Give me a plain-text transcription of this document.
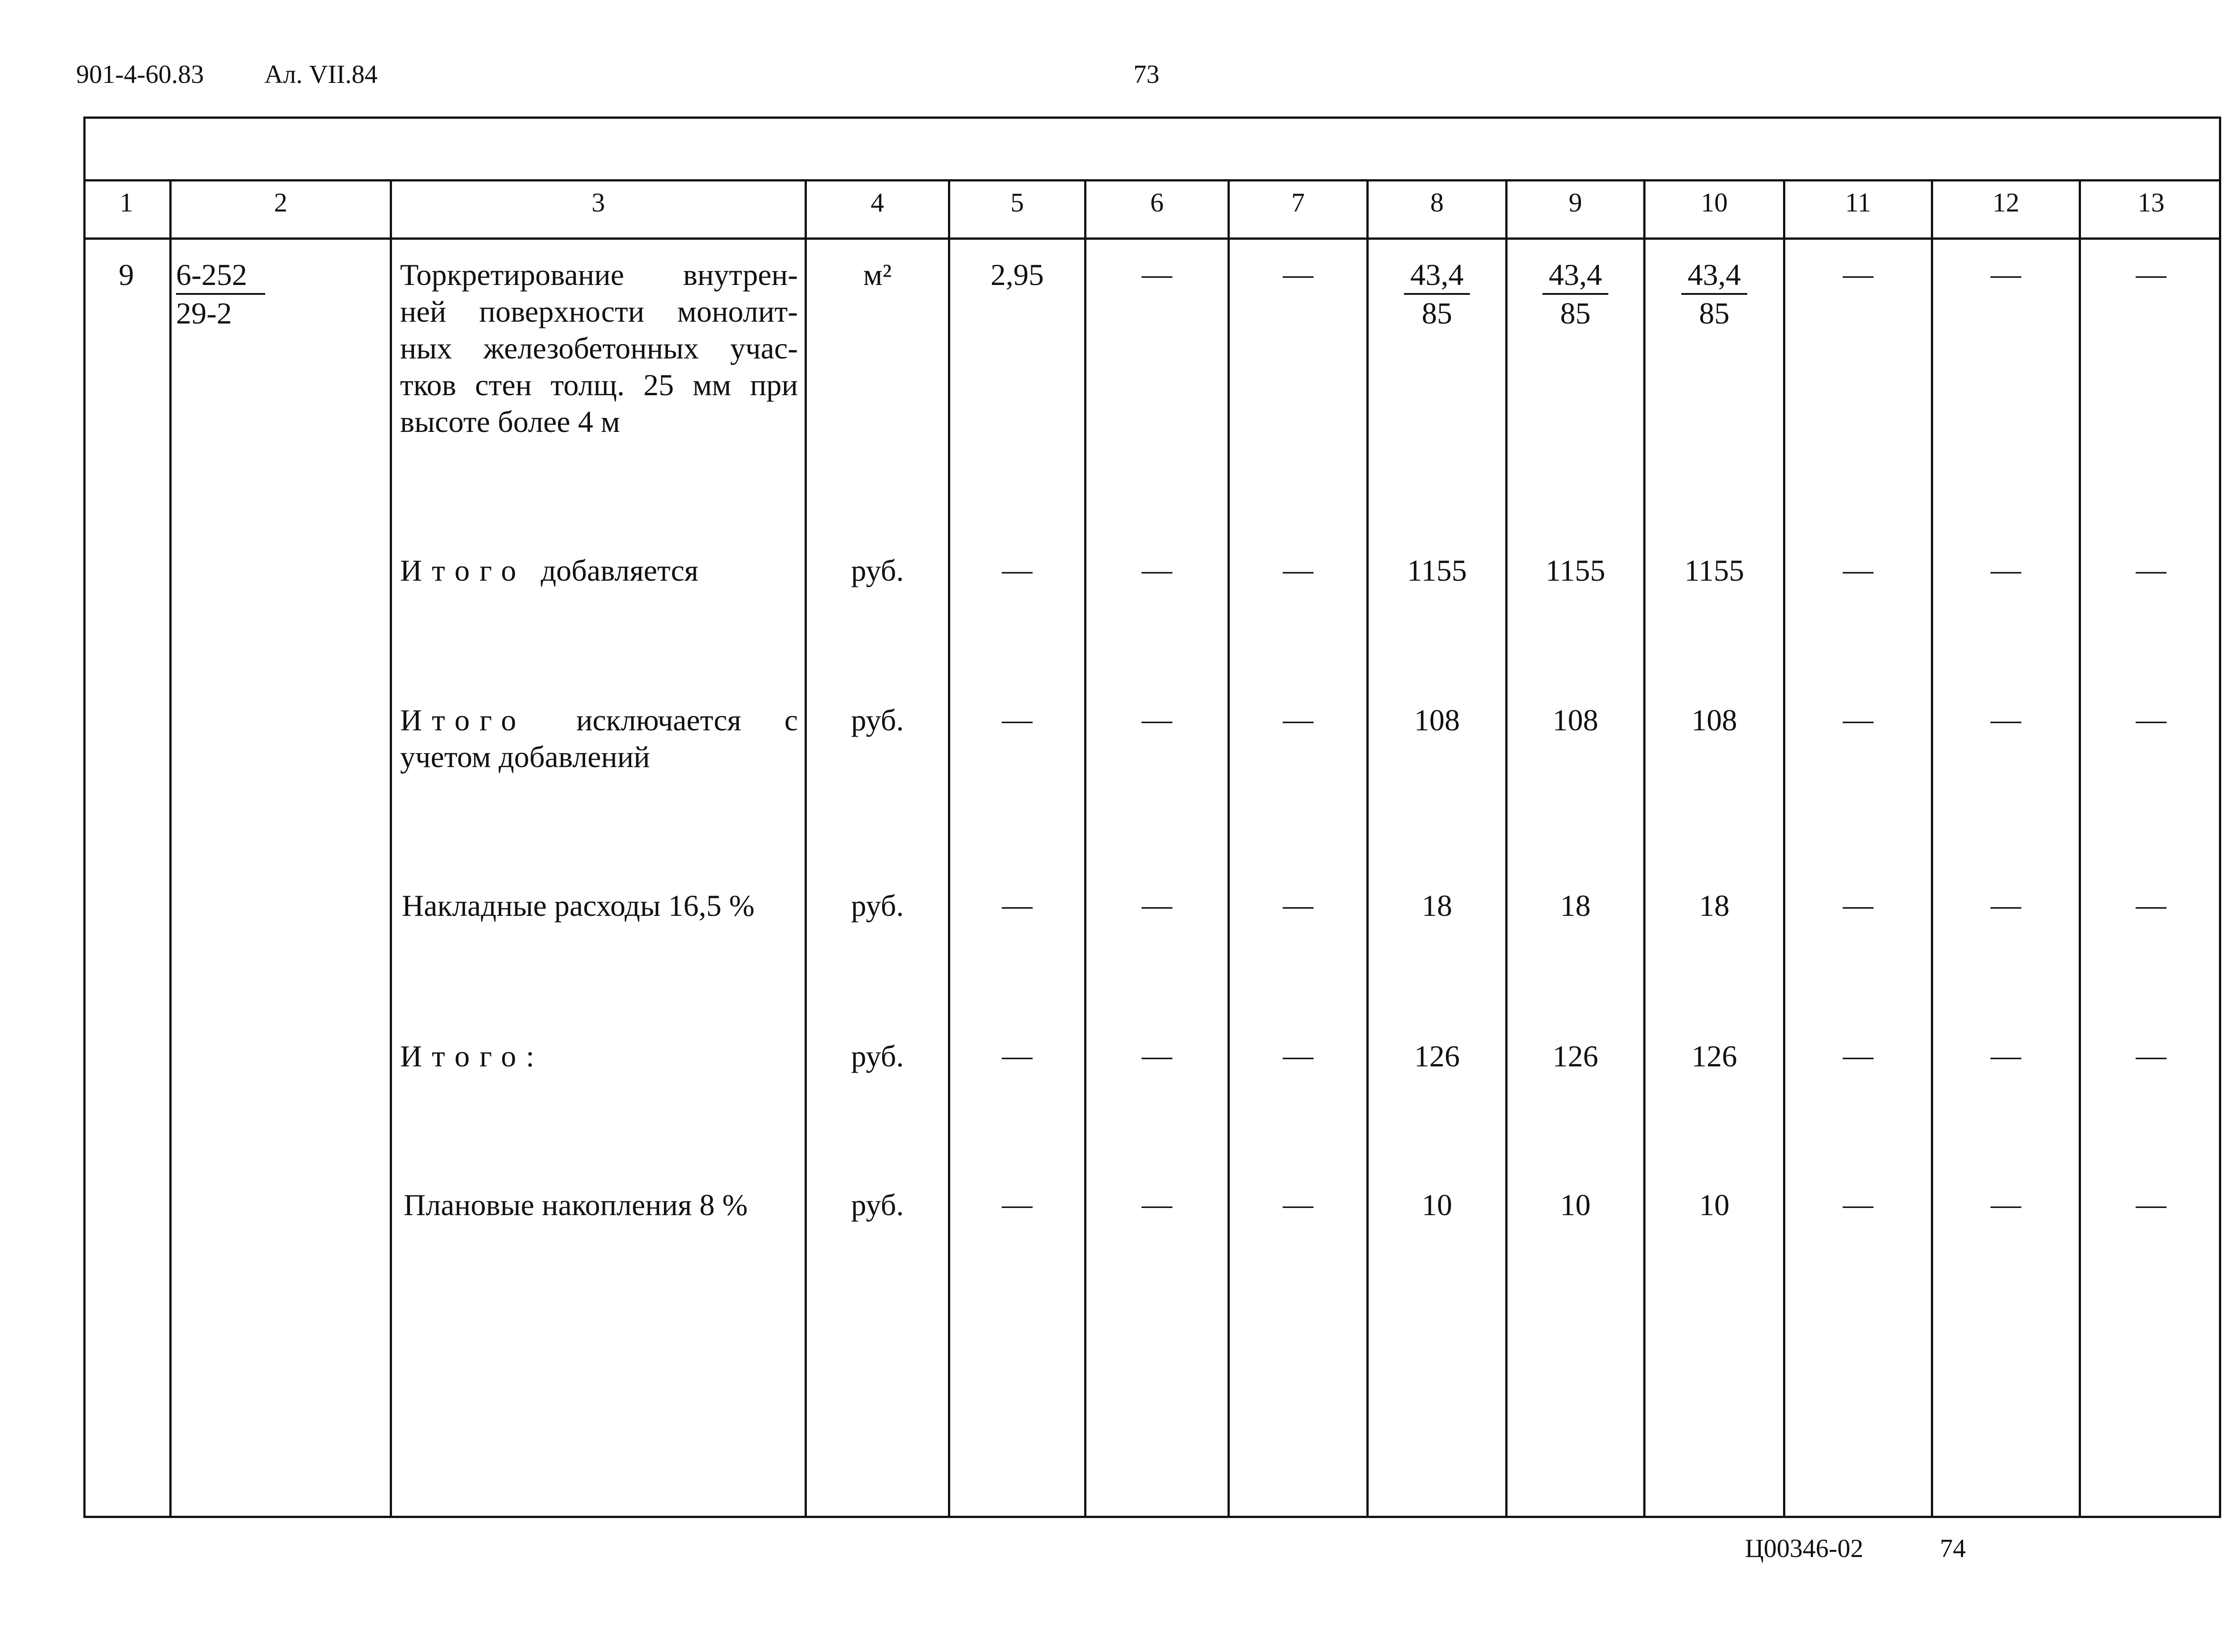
901-4-60.83 Ал. VII.84	73
1	2	3	4	5	6	7	8	9	10	11	12	13
9	$\frac{6-252}{29-2}$	Торкретирование внутрен-
ней поверхности монолит-
ных железобетонных учас-
тков стен толщ. 25 мм при
высоте более 4 м
м²	2,95	—	—	$\frac{43,4}{85} \frac{43,4}{85} \frac{43,4}{85}$	—	—	—
Итого добавляется	руб.	—	—	—	1155	1155	1155	—	—	—
Итого исключается с
учетом добавлений
руб.	—	—	—	108	108	108	—	—	—
Накладные расходы 16,5 %	руб.	—	—	—	18	18	18	—	—	—
Итого:	руб.	—	—	—	126	126	126	—	—	—
Плановые накопления 8 %	руб.	—	—	—	10	10	10	—	—	—
Ц00346-02	74
